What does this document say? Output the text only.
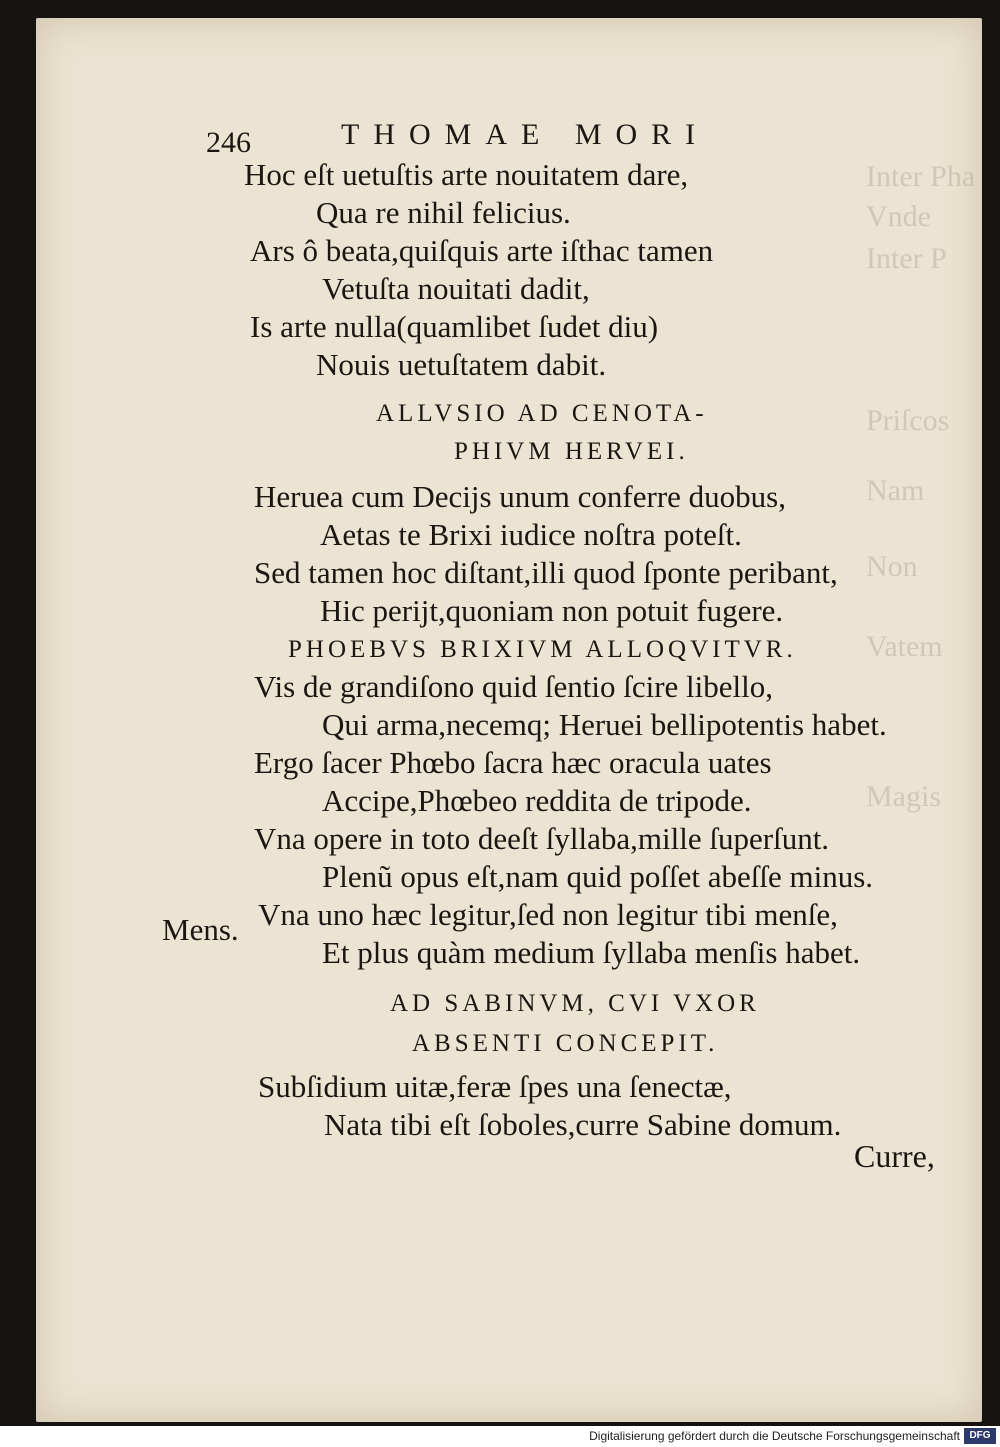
Inter Pha
Vnde
Inter P
Priſcos
Nam
Non
Vatem
Magis
246	THOMAE MORI
Hoc eſt uetuſtis arte nouitatem dare,
Qua re nihil felicius.
Ars ô beata,quiſquis arte iſthac tamen
Vetuſta nouitati dadit,
Is arte nulla(quamlibet ſudet diu)
Nouis uetuſtatem dabit.
ALLVSIO AD CENOTA-
PHIVM HERVEI.
Heruea cum Decijs unum conferre duobus,
Aetas te Brixi iudice noſtra poteſt.
Sed tamen hoc diſtant,illi quod ſponte peribant,
Hic perijt,quoniam non potuit fugere.
PHOEBVS BRIXIVM ALLOQVITVR.
Vis de grandiſono quid ſentio ſcire libello,
Qui arma,necemq; Heruei bellipotentis habet.
Ergo ſacer Phœbo ſacra hæc oracula uates
Accipe,Phœbeo reddita de tripode.
Vna opere in toto deeſt ſyllaba,mille ſuperſunt.
Plenũ opus eſt,nam quid poſſet abeſſe minus.
Vna uno hæc legitur,ſed non legitur tibi menſe,
Et plus quàm medium ſyllaba menſis habet.
Mens.
AD SABINVM, CVI VXOR
ABSENTI CONCEPIT.
Subſidium uitæ,feræ ſpes una ſenectæ,
Nata tibi eſt ſoboles,curre Sabine domum.
Curre,
Digitalisierung gefördert durch die Deutsche Forschungsgemeinschaft DFG
